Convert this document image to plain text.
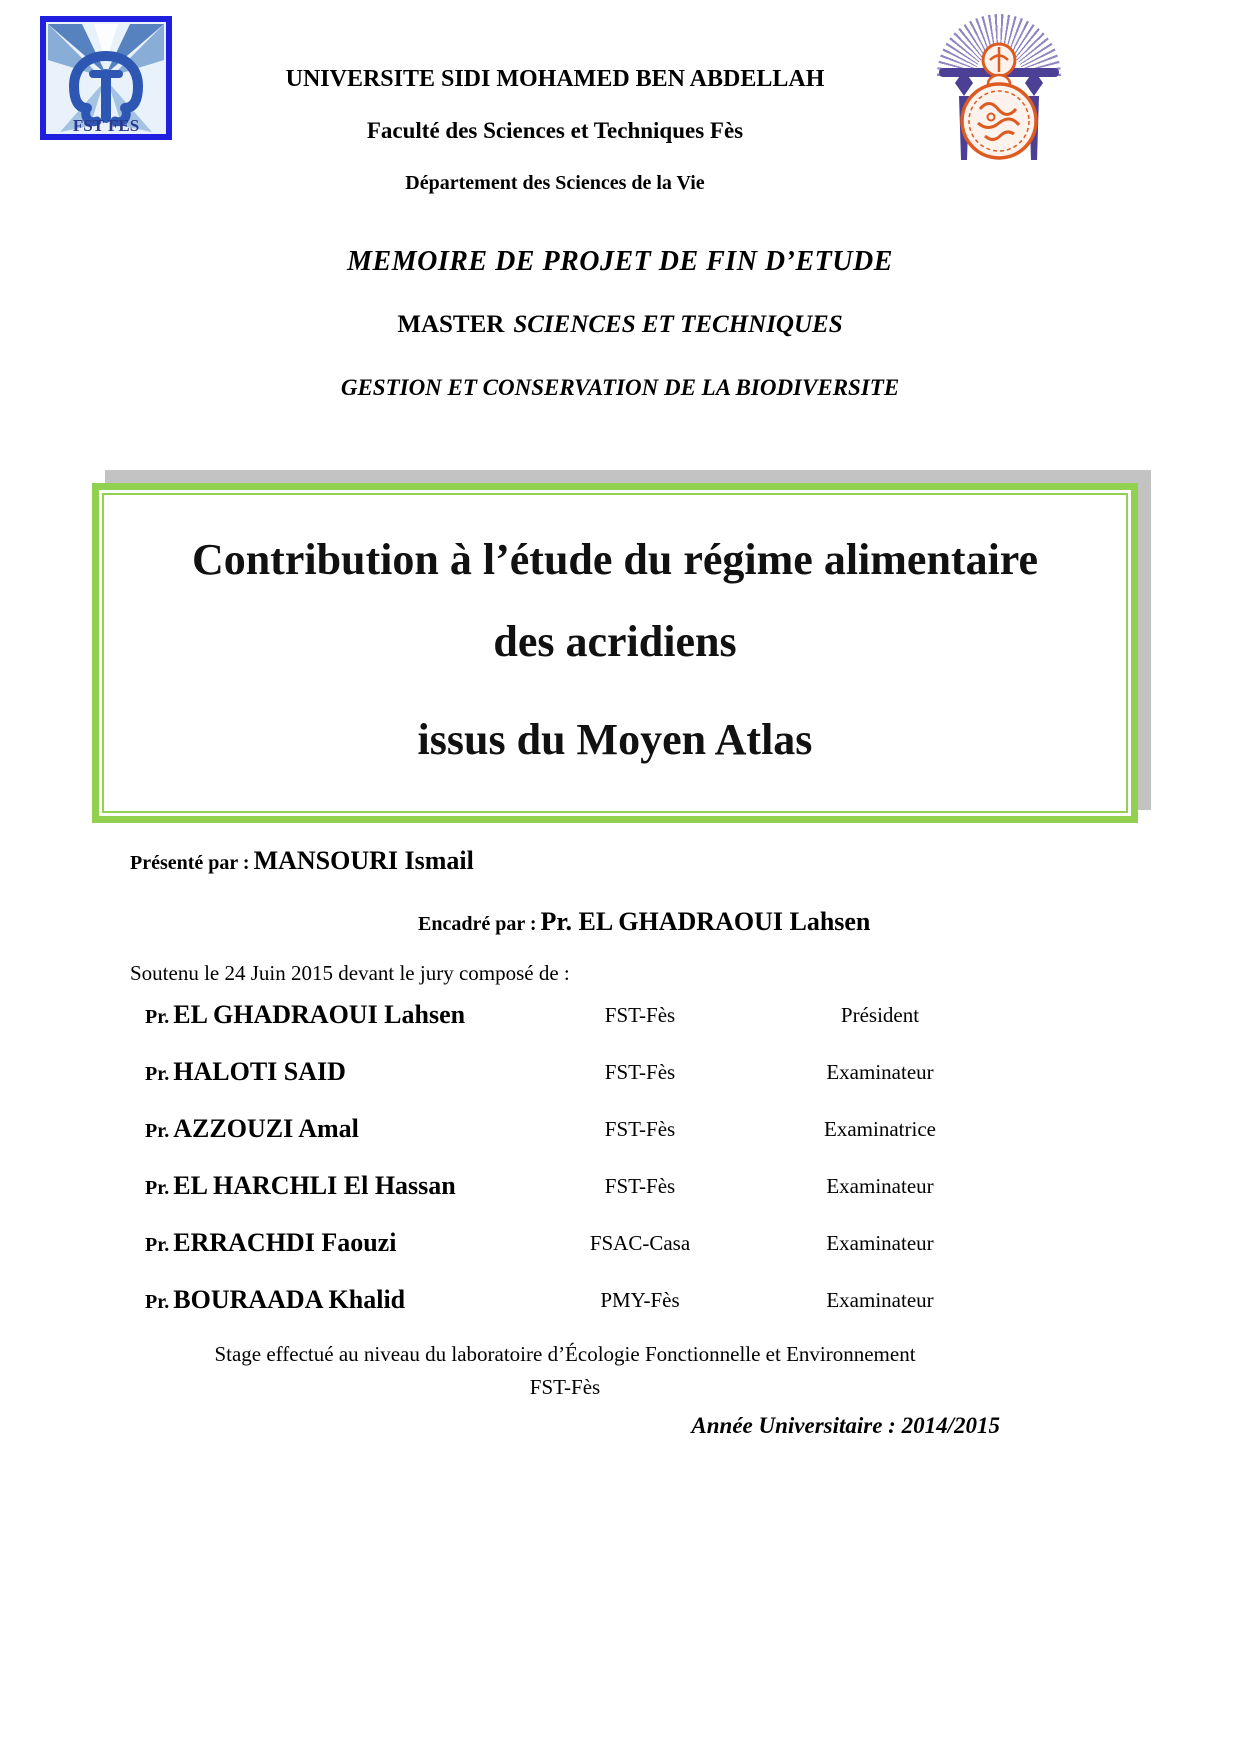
FST FES
UNIVERSITE SIDI MOHAMED BEN ABDELLAH
Faculté des Sciences et Techniques Fès
Département des Sciences de la Vie
MEMOIRE DE PROJET DE FIN D’ETUDE
MASTER SCIENCES ET TECHNIQUES
GESTION ET CONSERVATION DE LA BIODIVERSITE
Contribution à l’étude du régime alimentaire
des acridiens
issus du Moyen Atlas
Présenté par : MANSOURI Ismail
Encadré par : Pr. EL GHADRAOUI Lahsen
Soutenu le 24 Juin 2015 devant le jury composé de :
Pr. EL GHADRAOUI Lahsen	FST-Fès	Président
Pr. HALOTI SAID	FST-Fès	Examinateur
Pr. AZZOUZI Amal	FST-Fès	Examinatrice
Pr. EL HARCHLI El Hassan	FST-Fès	Examinateur
Pr. ERRACHDI Faouzi	FSAC-Casa	Examinateur
Pr. BOURAADA Khalid	PMY-Fès	Examinateur
Stage effectué au niveau du laboratoire d’Écologie Fonctionnelle et Environnement
FST-Fès
Année Universitaire : 2014/2015
